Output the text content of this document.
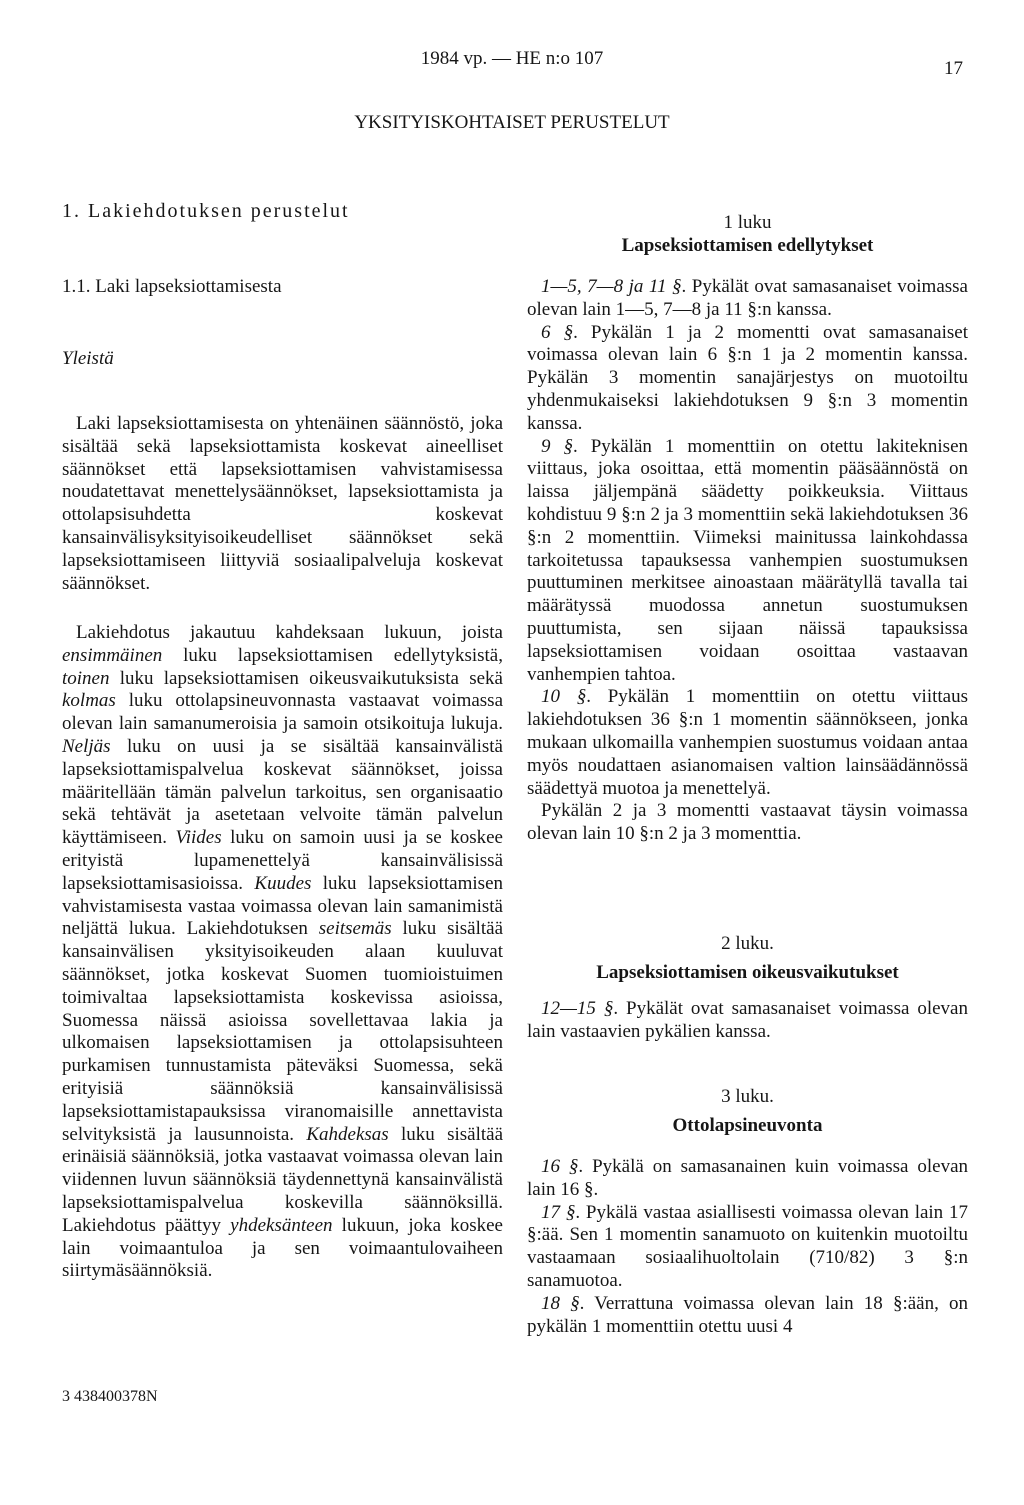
1984 vp. — HE n:o 107	17
YKSITYISKOHTAISET PERUSTELUT

1. Lakiehdotuksen perustelut

1.1. Laki lapseksiottamisesta

Yleistä

Laki lapseksiottamisesta on yhtenäinen säännöstö, joka sisältää sekä lapseksiottamista koskevat aineelliset säännökset että lapseksiottamisen vahvistamisessa noudatettavat menettelysäännökset, lapseksiottamista ja ottolapsisuhdetta koskevat kansainvälisyksityisoikeudelliset säännökset sekä lapseksiottamiseen liittyviä sosiaalipalveluja koskevat säännökset.

Lakiehdotus jakautuu kahdeksaan lukuun, joista ensimmäinen luku lapseksiottamisen edellytyksistä, toinen luku lapseksiottamisen oikeusvaikutuksista sekä kolmas luku ottolapsineuvonnasta vastaavat voimassa olevan lain samanumeroisia ja samoin otsikoituja lukuja. Neljäs luku on uusi ja se sisältää kansainvälistä lapseksiottamispalvelua koskevat säännökset, joissa määritellään tämän palvelun tarkoitus, sen organisaatio sekä tehtävät ja asetetaan velvoite tämän palvelun käyttämiseen. Viides luku on samoin uusi ja se koskee erityistä lupamenettelyä kansainvälisissä lapseksiottamisasioissa. Kuudes luku lapseksiottamisen vahvistamisesta vastaa voimassa olevan lain samanimistä neljättä lukua. Lakiehdotuksen seitsemäs luku sisältää kansainvälisen yksityisoikeuden alaan kuuluvat säännökset, jotka koskevat Suomen tuomioistuimen toimivaltaa lapseksiottamista koskevissa asioissa, Suomessa näissä asioissa sovellettavaa lakia ja ulkomaisen lapseksiottamisen ja ottolapsisuhteen purkamisen tunnustamista päteväksi Suomessa, sekä erityisiä säännöksiä kansainvälisissä lapseksiottamistapauksissa viranomaisille annettavista selvityksistä ja lausunnoista. Kahdeksas luku sisältää erinäisiä säännöksiä, jotka vastaavat voimassa olevan lain viidennen luvun säännöksiä täydennettynä kansainvälistä lapseksiottamispalvelua koskevilla säännöksillä. Lakiehdotus päättyy yhdeksänteen lukuun, joka koskee lain voimaantuloa ja sen voimaantulovaiheen siirtymäsäännöksiä.

1 luku

Lapseksiottamisen edellytykset

1—5, 7—8 ja 11 §. Pykälät ovat samasanaiset voimassa olevan lain 1—5, 7—8 ja 11 §:n kanssa.

6 §. Pykälän 1 ja 2 momentti ovat samasanaiset voimassa olevan lain 6 §:n 1 ja 2 momentin kanssa. Pykälän 3 momentin sanajärjestys on muotoiltu yhdenmukaiseksi lakiehdotuksen 9 §:n 3 momentin kanssa.

9 §. Pykälän 1 momenttiin on otettu lakiteknisen viittaus, joka osoittaa, että momentin pääsäännöstä on laissa jäljempänä säädetty poikkeuksia. Viittaus kohdistuu 9 §:n 2 ja 3 momenttiin sekä lakiehdotuksen 36 §:n 2 momenttiin. Viimeksi mainitussa lainkohdassa tarkoitetussa tapauksessa vanhempien suostumuksen puuttuminen merkitsee ainoastaan määrätyllä tavalla tai määrätyssä muodossa annetun suostumuksen puuttumista, sen sijaan näissä tapauksissa lapseksiottamisen voidaan osoittaa vastaavan vanhempien tahtoa.

10 §. Pykälän 1 momenttiin on otettu viittaus lakiehdotuksen 36 §:n 1 momentin säännökseen, jonka mukaan ulkomailla vanhempien suostumus voidaan antaa myös noudattaen asianomaisen valtion lainsäädännössä säädettyä muotoa ja menettelyä.

Pykälän 2 ja 3 momentti vastaavat täysin voimassa olevan lain 10 §:n 2 ja 3 momenttia.

2 luku.

Lapseksiottamisen oikeusvaikutukset

12—15 §. Pykälät ovat samasanaiset voimassa olevan lain vastaavien pykälien kanssa.

3 luku.

Ottolapsineuvonta

16 §. Pykälä on samasanainen kuin voimassa olevan lain 16 §.

17 §. Pykälä vastaa asiallisesti voimassa olevan lain 17 §:ää. Sen 1 momentin sanamuoto on kuitenkin muotoiltu vastaamaan sosiaalihuoltolain (710/82) 3 §:n sanamuotoa.

18 §. Verrattuna voimassa olevan lain 18 §:ään, on pykälän 1 momenttiin otettu uusi 4

3 438400378N
